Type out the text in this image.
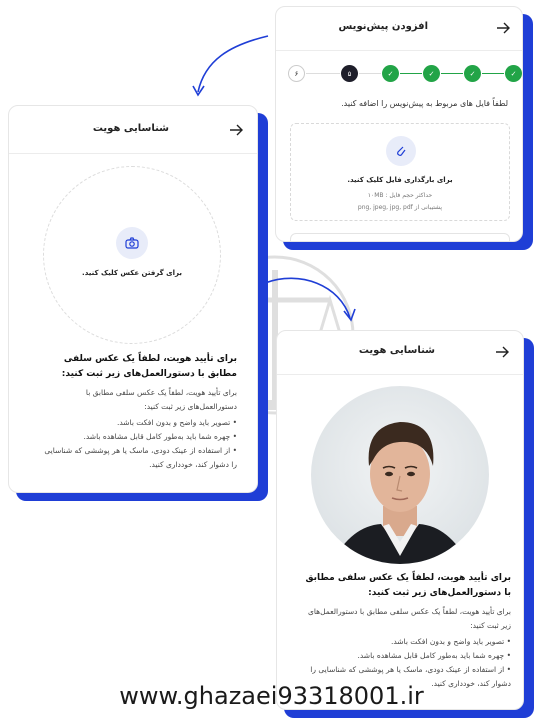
افزودن پیش‌نویس
۶	۵	✓	✓	✓	✓
لطفاً فایل های مربوط به پیش‌نویس را اضافه کنید.
برای بارگذاری فایل کلیک کنید.
حداکثر حجم فایل : ۱۰MB
پشتیبانی از png, jpeg, jpg, pdf
شناسایی هویت
برای گرفتن عکس کلیک کنید.
برای تأیید هویت، لطفاً یک عکس سلفی مطابق با دستورالعمل‌های زیر ثبت کنید:
برای تأیید هویت، لطفاً یک عکس سلفی مطابق با دستورالعمل‌های زیر ثبت کنید:
• تصویر باید واضح و بدون افکت باشد.
• چهره شما باید به‌طور کامل قابل مشاهده باشد.
• از استفاده از عینک دودی، ماسک یا هر پوششی که شناسایی را دشوار کند، خودداری کنید.
شناسایی هویت
برای تأیید هویت، لطفاً یک عکس سلفی مطابق با دستورالعمل‌های زیر ثبت کنید:
برای تأیید هویت، لطفاً یک عکس سلفی مطابق با دستورالعمل‌های زیر ثبت کنید:
• تصویر باید واضح و بدون افکت باشد.
• چهره شما باید به‌طور کامل قابل مشاهده باشد.
• از استفاده از عینک دودی، ماسک یا هر پوششی که شناسایی را دشوار کند، خودداری کنید.
www.ghazaei93318001.ir
